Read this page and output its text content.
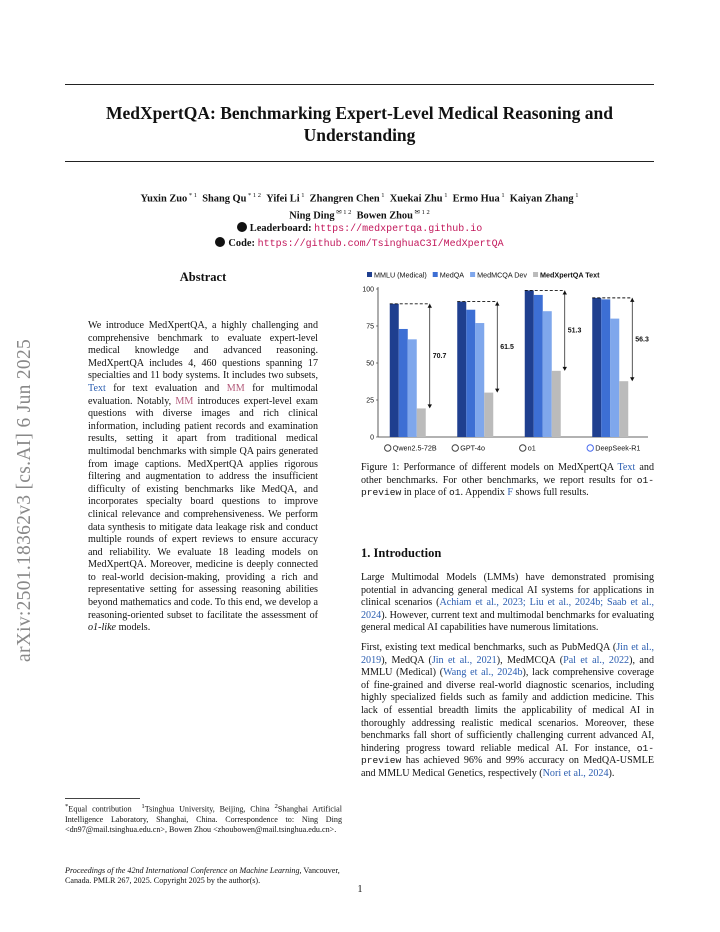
arXiv:2501.18362v3 [cs.AI] 6 Jun 2025
MedXpertQA: Benchmarking Expert-Level Medical Reasoning and
Understanding
Yuxin Zuo $^{* 1}$ Shang Qu $^{* 1 2}$ Yifei Li $^1$ Zhangren Chen $^1$ Xuekai Zhu $^1$ Ermo Hua $^1$ Kaiyan Zhang $^1$
Ning Ding $^{✉ 1 2}$ Bowen Zhou $^{✉ 1 2}$
Leaderboard: https://medxpertqa.github.io
Code: https://github.com/TsinghuaC3I/MedXpertQA
Abstract
We introduce MedXpertQA, a highly challenging and comprehensive benchmark to evaluate expert-level medical knowledge and advanced reasoning. MedXpertQA includes 4, 460 questions spanning 17 specialties and 11 body systems. It includes two subsets, Text for text evaluation and MM for multimodal evaluation. Notably, MM introduces expert-level exam questions with diverse images and rich clinical information, including patient records and examination results, setting it apart from traditional medical multimodal benchmarks with simple QA pairs generated from image captions. MedXpertQA applies rigorous filtering and augmentation to address the insufficient difficulty of existing benchmarks like MedQA, and incorporates specialty board questions to improve clinical relevance and comprehensiveness. We perform data synthesis to mitigate data leakage risk and conduct multiple rounds of expert reviews to ensure accuracy and reliability. We evaluate 18 leading models on MedXpertQA. Moreover, medicine is deeply connected to real-world decision-making, providing a rich and representative setting for assessing reasoning abilities beyond mathematics and code. To this end, we develop a reasoning-oriented subset to facilitate the assessment of o1-like models.
*Equal contribution $^1$Tsinghua University, Beijing, China $^2$Shanghai Artificial Intelligence Laboratory, Shanghai, China. Correspondence to: Ning Ding <dn97@mail.tsinghua.edu.cn>, Bowen Zhou <zhoubowen@mail.tsinghua.edu.cn>.
Proceedings of the 42nd International Conference on Machine Learning, Vancouver, Canada. PMLR 267, 2025. Copyright 2025 by the author(s).
MMLU (Medical) MedQA MedMCQA Dev MedXpertQA Text
0
25
50
75
100
70.7
Qwen2.5-72B
61.5
GPT-4o
51.3
o1
56.3
DeepSeek-R1
Figure 1: Performance of different models on MedXpertQA Text and other benchmarks. For other benchmarks, we report results for o1-preview in place of o1. Appendix F shows full results.
1. Introduction

Large Multimodal Models (LMMs) have demonstrated promising potential in advancing general medical AI systems for applications in clinical scenarios (Achiam et al., 2023; Liu et al., 2024b; Saab et al., 2024). However, current text and multimodal benchmarks for evaluating general medical AI capabilities have numerous limitations.

First, existing text medical benchmarks, such as PubMedQA (Jin et al., 2019), MedQA (Jin et al., 2021), MedMCQA (Pal et al., 2022), and MMLU (Medical) (Wang et al., 2024b), lack comprehensive coverage of fine-grained and diverse real-world diagnostic scenarios, including highly specialized fields such as family and addiction medicine. This lack of essential breadth limits the applicability of medical AI in thoroughly addressing realistic medical scenarios. Moreover, these benchmarks fall short of sufficiently challenging current advanced AI, hindering progress toward reliable medical AI. For instance, o1-preview has achieved 96% and 99% accuracy on MedQA-USMLE and MMLU Medical Genetics, respectively (Nori et al., 2024).

1
